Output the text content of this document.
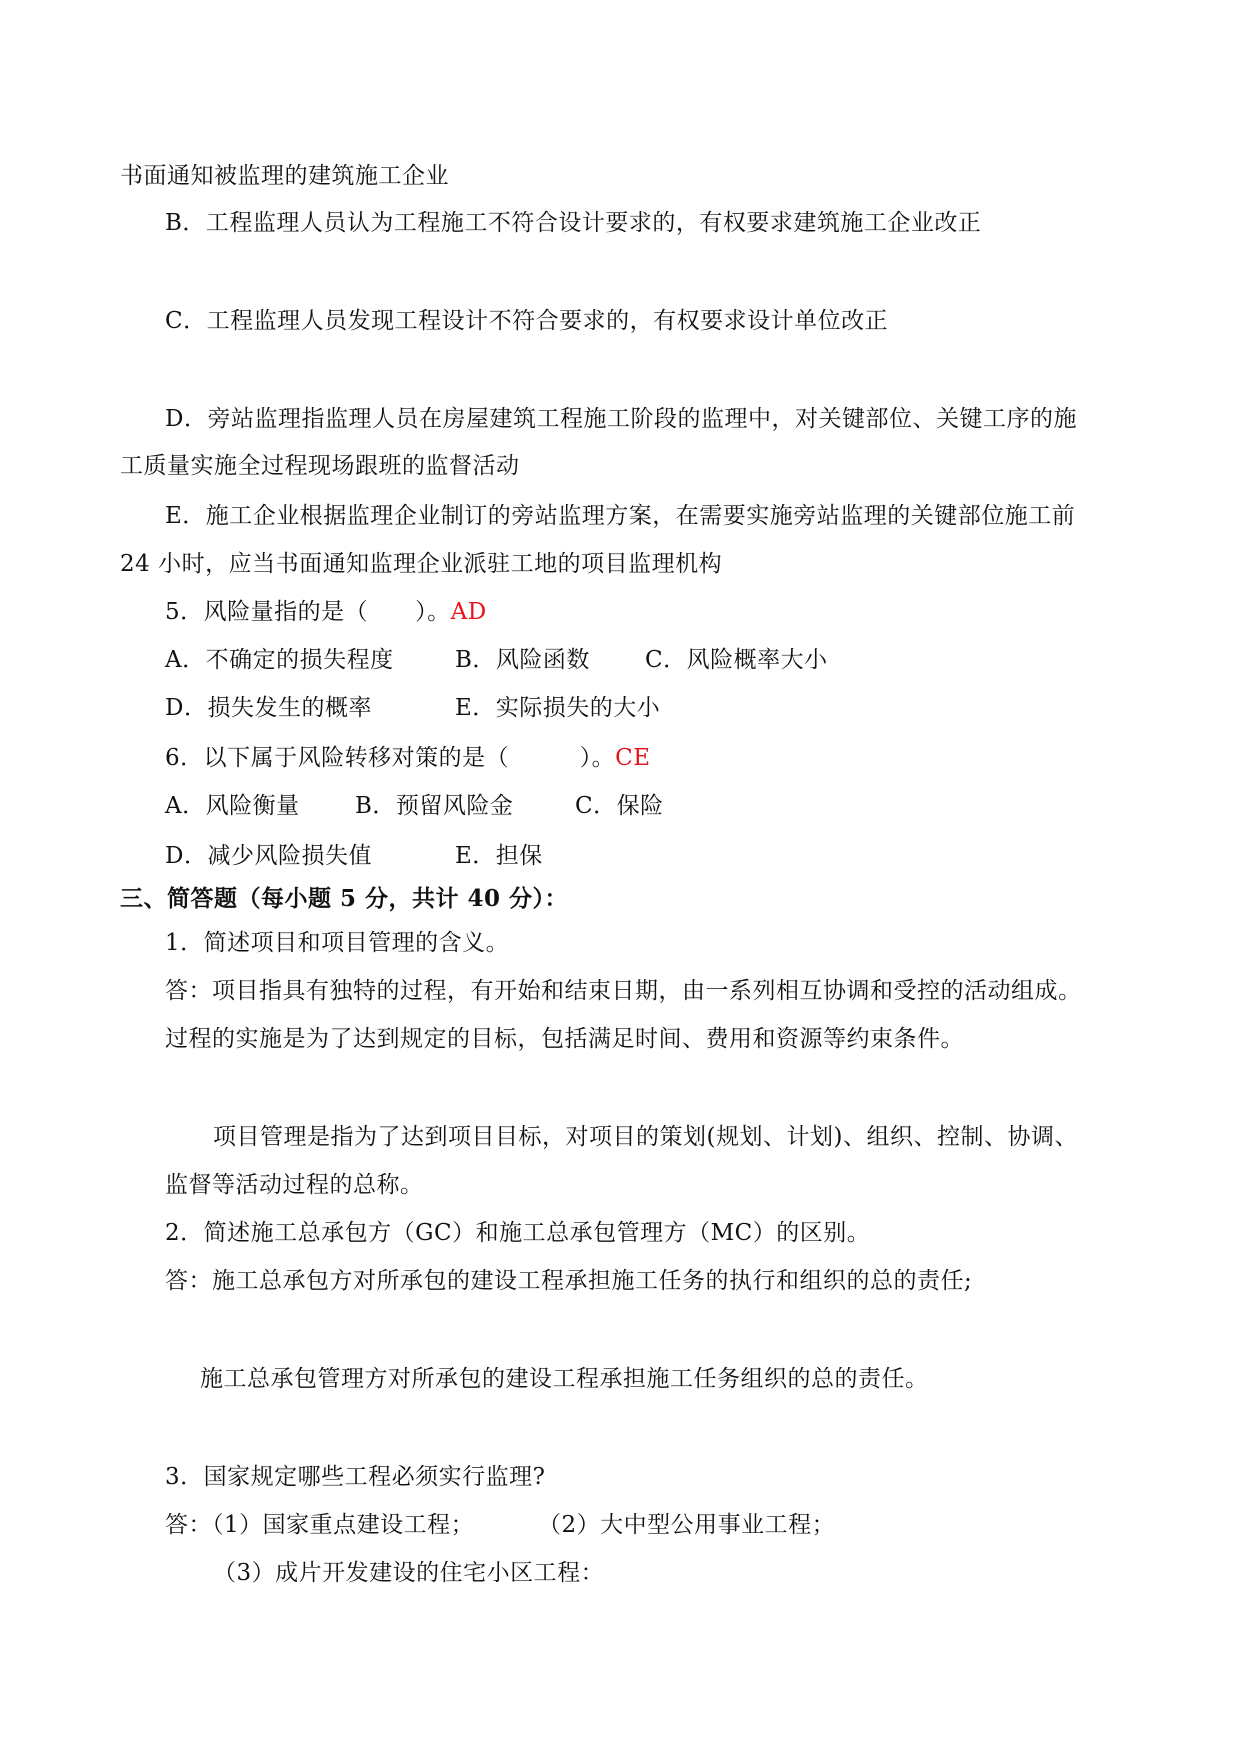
书面通知被监理的建筑施工企业
B．工程监理人员认为工程施工不符合设计要求的，有权要求建筑施工企业改正
C．工程监理人员发现工程设计不符合要求的，有权要求设计单位改正
D．旁站监理指监理人员在房屋建筑工程施工阶段的监理中，对关键部位、关键工序的施
工质量实施全过程现场跟班的监督活动
E．施工企业根据监理企业制订的旁站监理方案，在需要实施旁站监理的关键部位施工前
24 小时，应当书面通知监理企业派驻工地的项目监理机构
5．风险量指的是（　　）。AD
A．不确定的损失程度	B．风险函数 C．风险概率大小
D．损失发生的概率	E．实际损失的大小
6．以下属于风险转移对策的是（　　　）。CE
A．风险衡量 B．预留风险金	C．保险
D．减少风险损失值	E．担保
三、简答题（每小题 5 分，共计 40 分）：
1．简述项目和项目管理的含义。
答：项目指具有独特的过程，有开始和结束日期，由一系列相互协调和受控的活动组成。
过程的实施是为了达到规定的目标，包括满足时间、费用和资源等约束条件。
项目管理是指为了达到项目目标，对项目的策划(规划、计划)、组织、控制、协调、
监督等活动过程的总称。
2．简述施工总承包方（GC）和施工总承包管理方（MC）的区别。
答：施工总承包方对所承包的建设工程承担施工任务的执行和组织的总的责任;
施工总承包管理方对所承包的建设工程承担施工任务组织的总的责任。
3．国家规定哪些工程必须实行监理?
答：（1）国家重点建设工程；	（2）大中型公用事业工程；
（3）成片开发建设的住宅小区工程：
